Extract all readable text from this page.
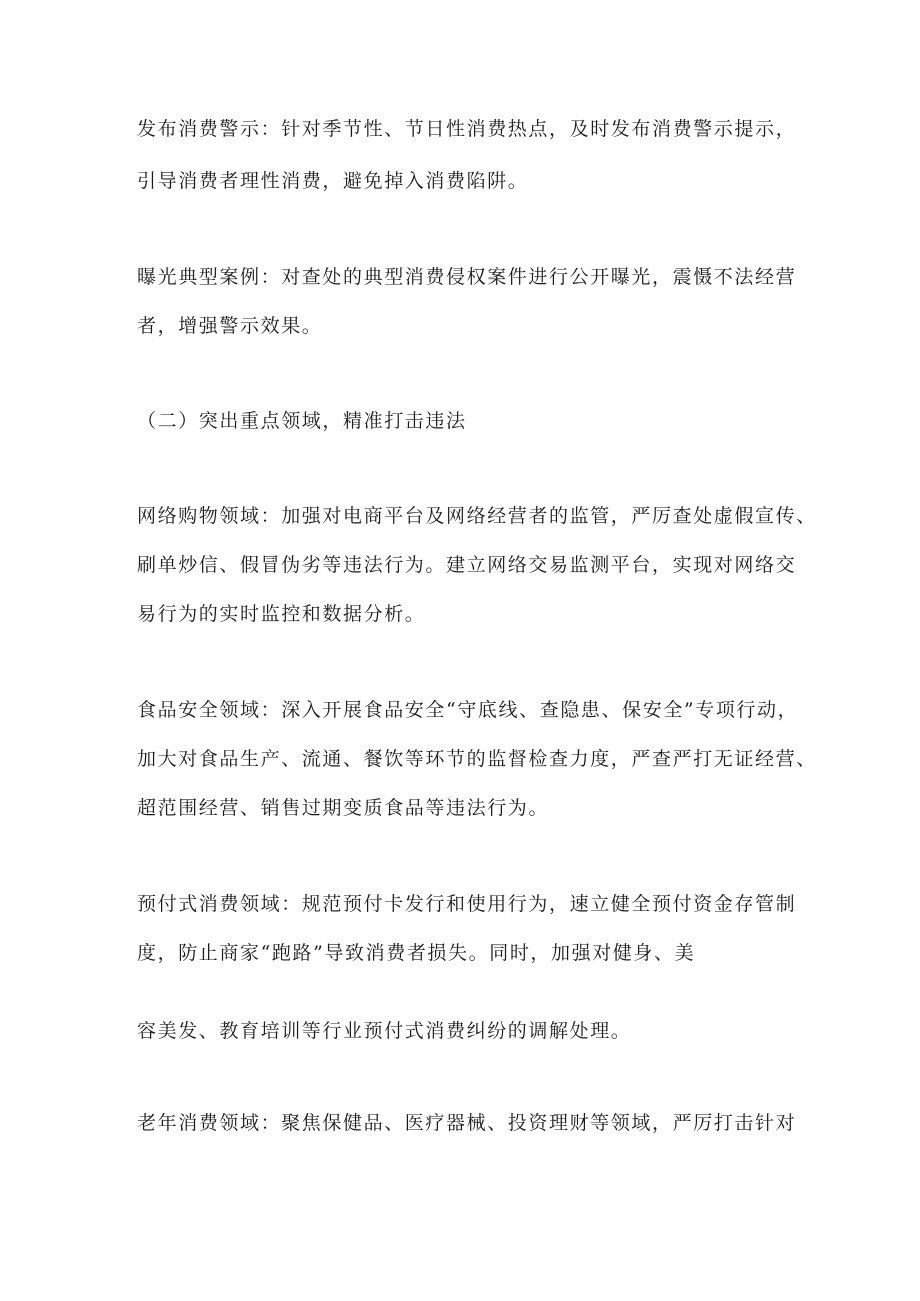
发布消费警示：针对季节性、节日性消费热点，及时发布消费警示提示，

引导消费者理性消费，避免掉入消费陷阱。

曝光典型案例：对查处的典型消费侵权案件进行公开曝光，震慑不法经营

者，增强警示效果。

（二）突出重点领域，精准打击违法

网络购物领域：加强对电商平台及网络经营者的监管，严厉查处虚假宣传、

刷单炒信、假冒伪劣等违法行为。建立网络交易监测平台，实现对网络交

易行为的实时监控和数据分析。

食品安全领域：深入开展食品安全“守底线、查隐患、保安全”专项行动，

加大对食品生产、流通、餐饮等环节的监督检查力度，严查严打无证经营、

超范围经营、销售过期变质食品等违法行为。

预付式消费领域：规范预付卡发行和使用行为，速立健全预付资金存管制

度，防止商家“跑路”导致消费者损失。同时，加强对健身、美

容美发、教育培训等行业预付式消费纠纷的调解处理。

老年消费领域：聚焦保健品、医疗器械、投资理财等领域，严厉打击针对
